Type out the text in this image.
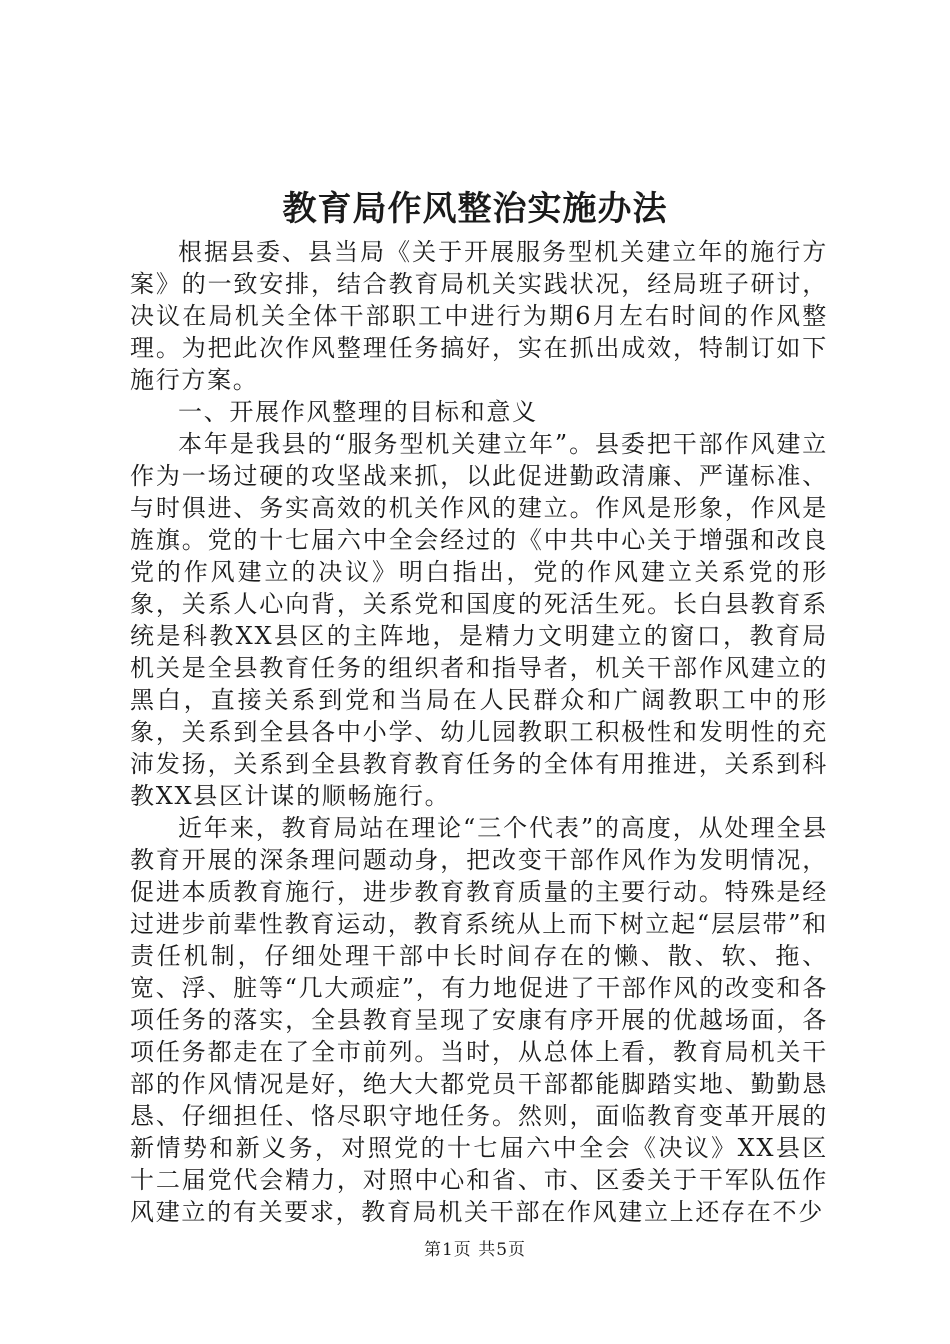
教育局作风整治实施办法

根据县委、县当局《关于开展服务型机关建立年的施行方案》的一致安排，结合教育局机关实践状况，经局班子研讨，决议在局机关全体干部职工中进行为期6月左右时间的作风整理。为把此次作风整理任务搞好，实在抓出成效，特制订如下施行方案。

一、开展作风整理的目标和意义

本年是我县的“服务型机关建立年”。县委把干部作风建立作为一场过硬的攻坚战来抓，以此促进勤政清廉、严谨标准、与时俱进、务实高效的机关作风的建立。作风是形象，作风是旌旗。党的十七届六中全会经过的《中共中心关于增强和改良党的作风建立的决议》明白指出，党的作风建立关系党的形象，关系人心向背，关系党和国度的死活生死。长白县教育系统是科教XX县区的主阵地，是精力文明建立的窗口，教育局机关是全县教育任务的组织者和指导者，机关干部作风建立的黑白，直接关系到党和当局在人民群众和广阔教职工中的形象，关系到全县各中小学、幼儿园教职工积极性和发明性的充沛发扬，关系到全县教育教育任务的全体有用推进，关系到科教XX县区计谋的顺畅施行。

近年来，教育局站在理论“三个代表”的高度，从处理全县教育开展的深条理问题动身，把改变干部作风作为发明情况，促进本质教育施行，进步教育教育质量的主要行动。特殊是经过进步前辈性教育运动，教育系统从上而下树立起“层层带”和责任机制，仔细处理干部中长时间存在的懒、散、软、拖、宽、浮、脏等“几大顽症”，有力地促进了干部作风的改变和各项任务的落实，全县教育呈现了安康有序开展的优越场面，各项任务都走在了全市前列。当时，从总体上看，教育局机关干部的作风情况是好，绝大大都党员干部都能脚踏实地、勤勤恳恳、仔细担任、恪尽职守地任务。然则，面临教育变革开展的新情势和新义务，对照党的十七届六中全会《决议》XX县区十二届党代会精力，对照中心和省、市、区委关于干军队伍作风建立的有关要求，教育局机关干部在作风建立上还存在不少

第1页 共5页
